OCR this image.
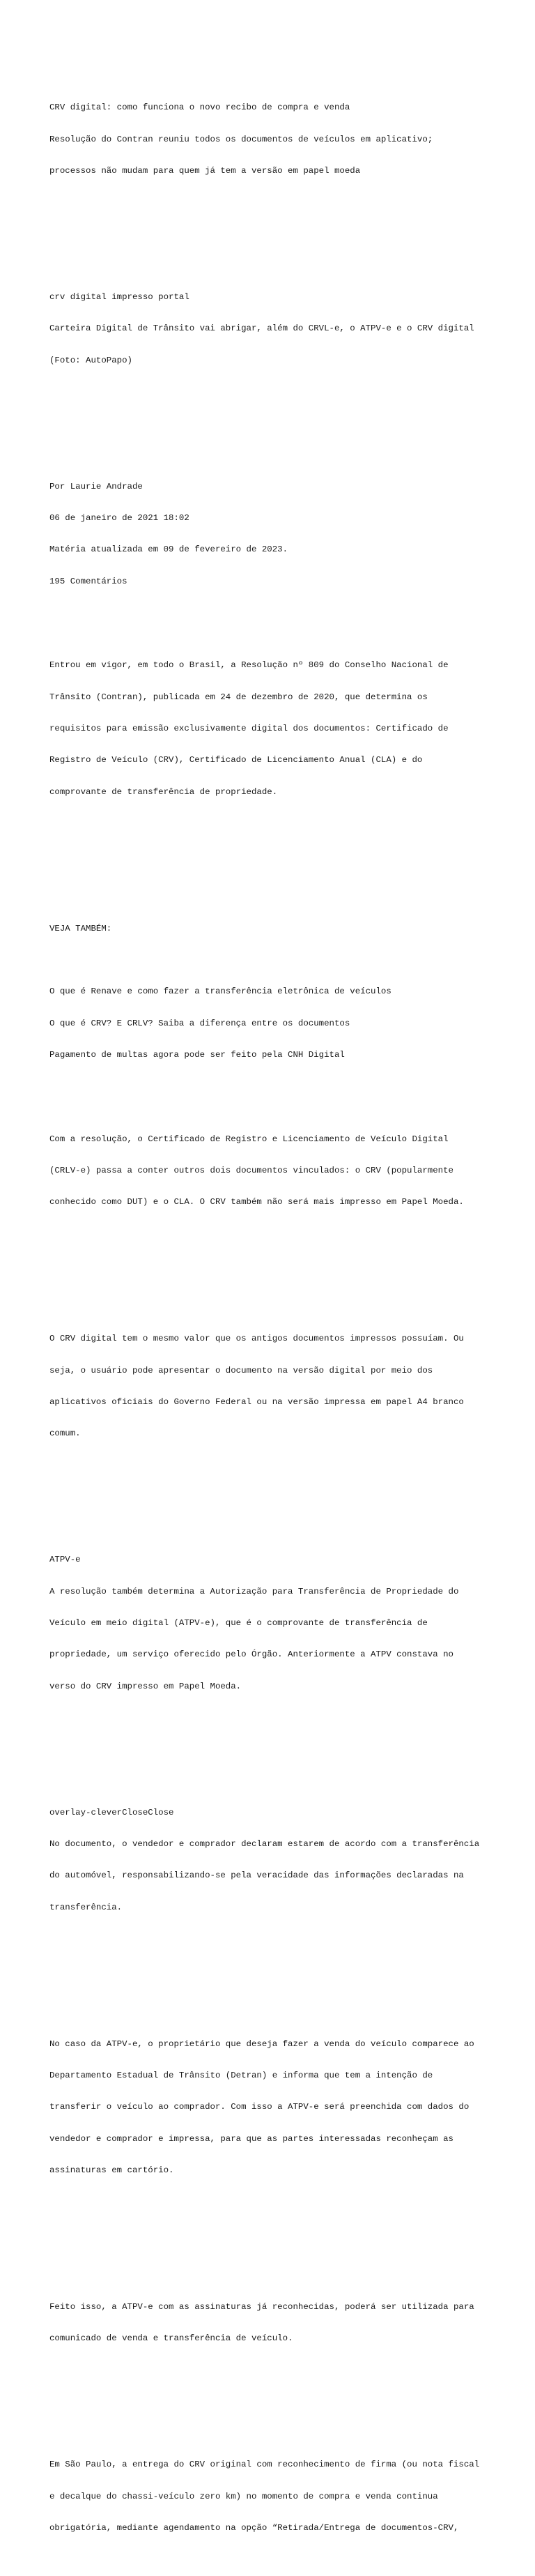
CRV digital: como funciona o novo recibo de compra e venda

Resolução do Contran reuniu todos os documentos de veículos em aplicativo;

processos não mudam para quem já tem a versão em papel moeda

crv digital impresso portal

Carteira Digital de Trânsito vai abrigar, além do CRVL-e, o ATPV-e e o CRV digital

(Foto: AutoPapo)

Por Laurie Andrade

06 de janeiro de 2021 18:02

Matéria atualizada em 09 de fevereiro de 2023.

195 Comentários

Entrou em vigor, em todo o Brasil, a Resolução nº 809 do Conselho Nacional de

Trânsito (Contran), publicada em 24 de dezembro de 2020, que determina os

requisitos para emissão exclusivamente digital dos documentos: Certificado de

Registro de Veículo (CRV), Certificado de Licenciamento Anual (CLA) e do

comprovante de transferência de propriedade.

VEJA TAMBÉM:

O que é Renave e como fazer a transferência eletrônica de veículos

O que é CRV? E CRLV? Saiba a diferença entre os documentos

Pagamento de multas agora pode ser feito pela CNH Digital

Com a resolução, o Certificado de Registro e Licenciamento de Veículo Digital

(CRLV-e) passa a conter outros dois documentos vinculados: o CRV (popularmente

conhecido como DUT) e o CLA. O CRV também não será mais impresso em Papel Moeda.

O CRV digital tem o mesmo valor que os antigos documentos impressos possuíam. Ou

seja, o usuário pode apresentar o documento na versão digital por meio dos

aplicativos oficiais do Governo Federal ou na versão impressa em papel A4 branco

comum.

ATPV-e

A resolução também determina a Autorização para Transferência de Propriedade do

Veículo em meio digital (ATPV-e), que é o comprovante de transferência de

propriedade, um serviço oferecido pelo Órgão. Anteriormente a ATPV constava no

verso do CRV impresso em Papel Moeda.

overlay-cleverCloseClose

No documento, o vendedor e comprador declaram estarem de acordo com a transferência

do automóvel, responsabilizando-se pela veracidade das informações declaradas na

transferência.

No caso da ATPV-e, o proprietário que deseja fazer a venda do veículo comparece ao

Departamento Estadual de Trânsito (Detran) e informa que tem a intenção de

transferir o veículo ao comprador. Com isso a ATPV-e será preenchida com dados do

vendedor e comprador e impressa, para que as partes interessadas reconheçam as

assinaturas em cartório.

Feito isso, a ATPV-e com as assinaturas já reconhecidas, poderá ser utilizada para

comunicado de venda e transferência de veículo.

Em São Paulo, a entrega do CRV original com reconhecimento de firma (ou nota fiscal

e decalque do chassi-veículo zero km) no momento de compra e venda continua

obrigatória, mediante agendamento na opção “Retirada/Entrega de documentos-CRV,
